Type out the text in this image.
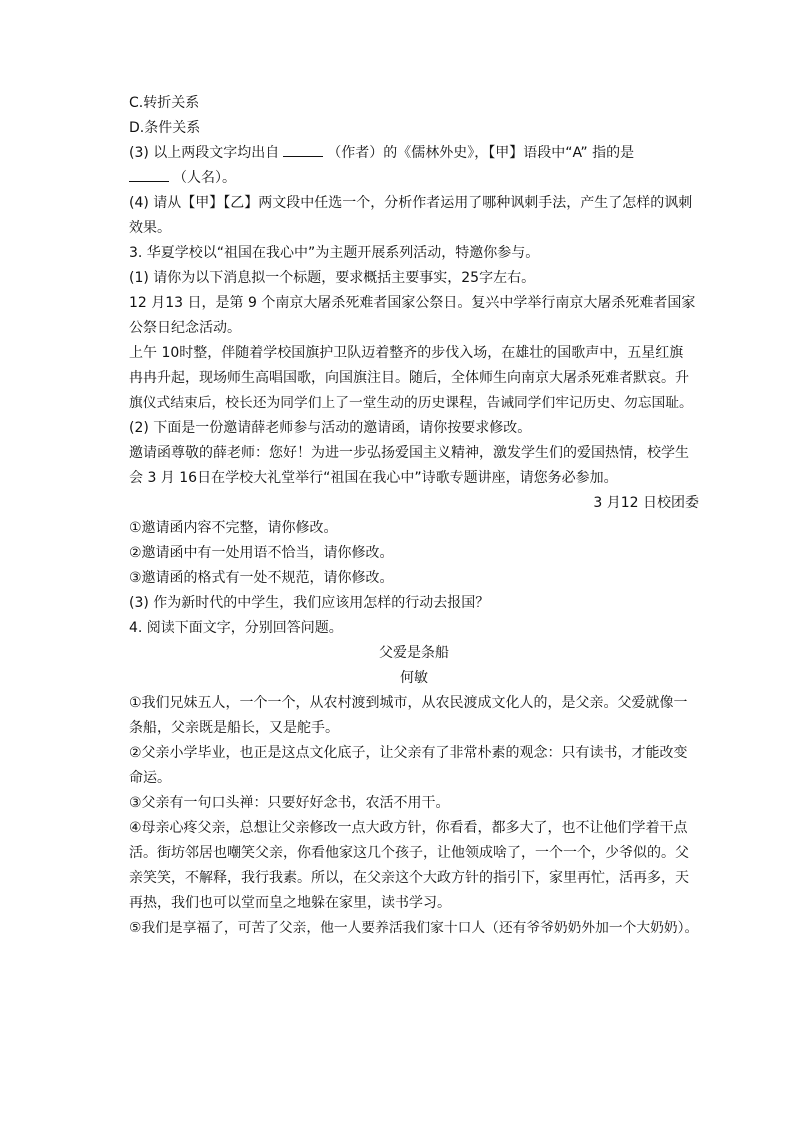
C.转折关系
D.条件关系
(3) 以上两段文字均出自	（作者）的《儒林外史》，【甲】语段中“A” 指的是
（人名）。
(4) 请从【甲】【乙】两文段中任选一个，分析作者运用了哪种讽刺手法，产生了怎样的讽刺
效果。
3. 华夏学校以“祖国在我心中”为主题开展系列活动，特邀你参与。
(1) 请你为以下消息拟一个标题，要求概括主要事实，25字左右。
12 月13 日，是第 9 个南京大屠杀死难者国家公祭日。复兴中学举行南京大屠杀死难者国家
公祭日纪念活动。
上午 10时整，伴随着学校国旗护卫队迈着整齐的步伐入场，在雄壮的国歌声中，五星红旗
冉冉升起，现场师生高唱国歌，向国旗注目。随后，全体师生向南京大屠杀死难者默哀。升
旗仪式结束后，校长还为同学们上了一堂生动的历史课程，告诫同学们牢记历史、勿忘国耻。
(2) 下面是一份邀请薛老师参与活动的邀请函，请你按要求修改。
邀请函尊敬的薛老师：您好！为进一步弘扬爱国主义精神，激发学生们的爱国热情，校学生
会 3 月 16日在学校大礼堂举行“祖国在我心中”诗歌专题讲座，请您务必参加。
3 月12 日校团委
①邀请函内容不完整，请你修改。
②邀请函中有一处用语不恰当，请你修改。
③邀请函的格式有一处不规范，请你修改。
(3) 作为新时代的中学生，我们应该用怎样的行动去报国？
4. 阅读下面文字，分别回答问题。
父爱是条船
何敏
①我们兄妹五人，一个一个，从农村渡到城市，从农民渡成文化人的，是父亲。父爱就像一
条船，父亲既是船长，又是舵手。
②父亲小学毕业，也正是这点文化底子，让父亲有了非常朴素的观念：只有读书，才能改变
命运。
③父亲有一句口头禅：只要好好念书，农活不用干。
④母亲心疼父亲，总想让父亲修改一点大政方针，你看看，都多大了，也不让他们学着干点
活。街坊邻居也嘲笑父亲，你看他家这几个孩子，让他领成啥了，一个一个，少爷似的。父
亲笑笑，不解释，我行我素。所以，在父亲这个大政方针的指引下，家里再忙，活再多，天
再热，我们也可以堂而皇之地躲在家里，读书学习。
⑤我们是享福了，可苦了父亲，他一人要养活我们家十口人（还有爷爷奶奶外加一个大奶奶）。
